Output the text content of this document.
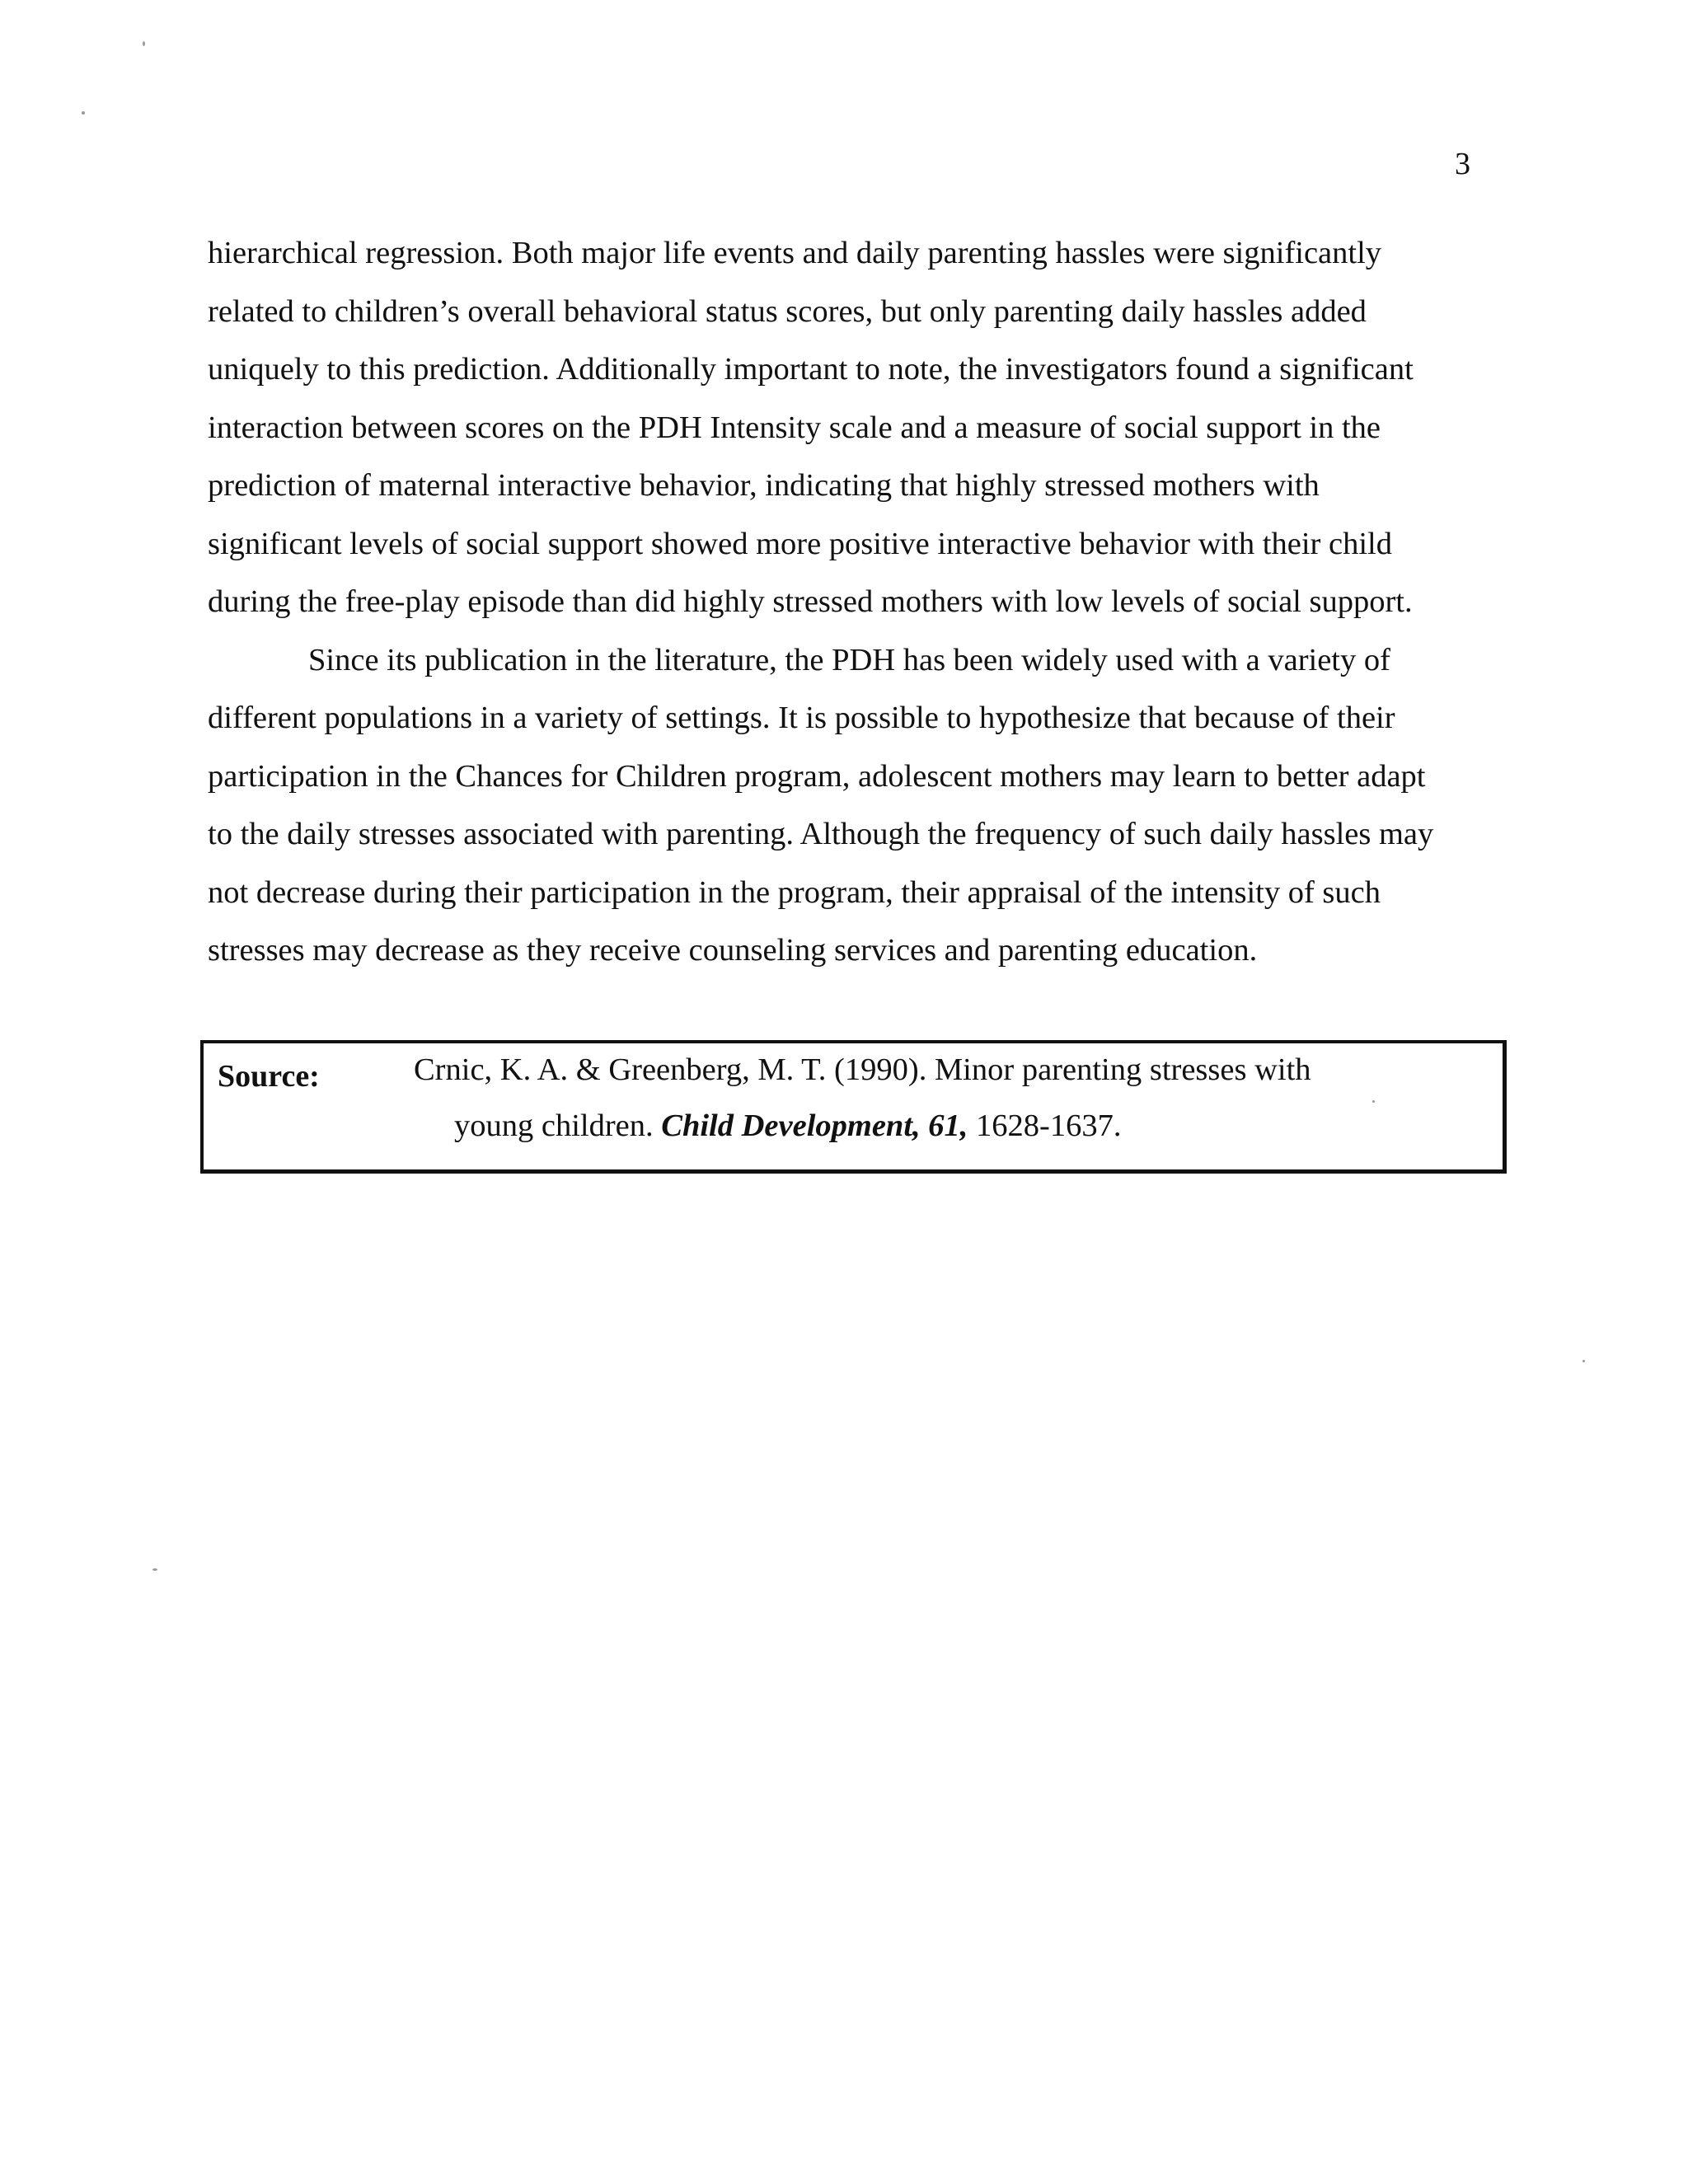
3
hierarchical regression. Both major life events and daily parenting hassles were significantly
related to children’s overall behavioral status scores, but only parenting daily hassles added
uniquely to this prediction. Additionally important to note, the investigators found a significant
interaction between scores on the PDH Intensity scale and a measure of social support in the
prediction of maternal interactive behavior, indicating that highly stressed mothers with
significant levels of social support showed more positive interactive behavior with their child
during the free-play episode than did highly stressed mothers with low levels of social support.
Since its publication in the literature, the PDH has been widely used with a variety of
different populations in a variety of settings. It is possible to hypothesize that because of their
participation in the Chances for Children program, adolescent mothers may learn to better adapt
to the daily stresses associated with parenting. Although the frequency of such daily hassles may
not decrease during their participation in the program, their appraisal of the intensity of such
stresses may decrease as they receive counseling services and parenting education.
Source:	Crnic, K. A. & Greenberg, M. T. (1990). Minor parenting stresses with
young children. Child Development, 61, 1628-1637.
